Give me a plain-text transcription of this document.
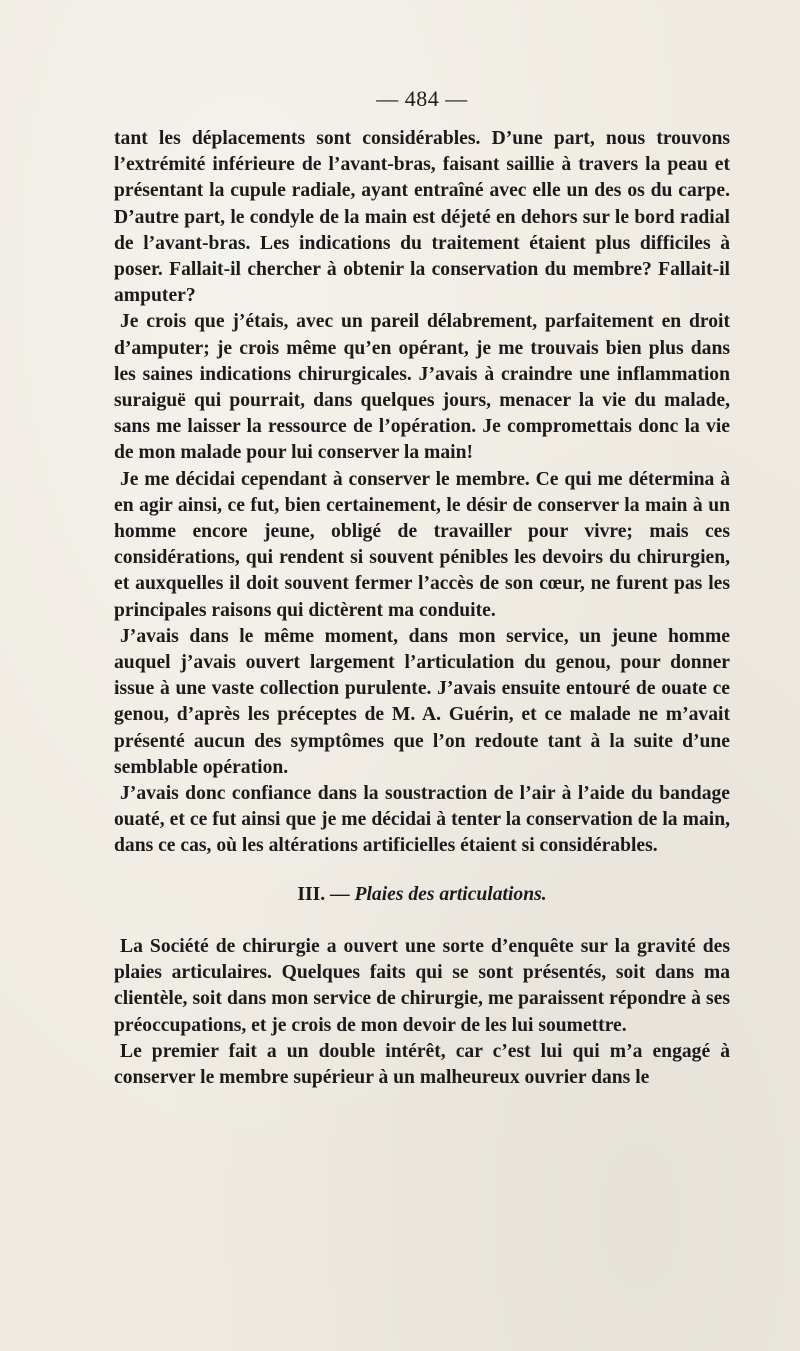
— 484 —

tant les déplacements sont considérables. D’une part, nous trouvons l’extrémité inférieure de l’avant-bras, faisant saillie à travers la peau et présentant la cupule radiale, ayant entraîné avec elle un des os du carpe. D’autre part, le condyle de la main est déjeté en dehors sur le bord radial de l’avant-bras. Les indications du traitement étaient plus difficiles à poser. Fallait-il chercher à obtenir la conservation du membre? Fallait-il amputer?

Je crois que j’étais, avec un pareil délabrement, parfaitement en droit d’amputer; je crois même qu’en opérant, je me trouvais bien plus dans les saines indications chirurgicales. J’avais à craindre une inflammation suraiguë qui pourrait, dans quelques jours, menacer la vie du malade, sans me laisser la ressource de l’opération. Je compromettais donc la vie de mon malade pour lui conserver la main!

Je me décidai cependant à conserver le membre. Ce qui me détermina à en agir ainsi, ce fut, bien certainement, le désir de conserver la main à un homme encore jeune, obligé de travailler pour vivre; mais ces considérations, qui rendent si souvent pénibles les devoirs du chirurgien, et auxquelles il doit souvent fermer l’accès de son cœur, ne furent pas les principales raisons qui dictèrent ma conduite.

J’avais dans le même moment, dans mon service, un jeune homme auquel j’avais ouvert largement l’articulation du genou, pour donner issue à une vaste collection purulente. J’avais ensuite entouré de ouate ce genou, d’après les préceptes de M. A. Guérin, et ce malade ne m’avait présenté aucun des symptômes que l’on redoute tant à la suite d’une semblable opération.

J’avais donc confiance dans la soustraction de l’air à l’aide du bandage ouaté, et ce fut ainsi que je me décidai à tenter la conservation de la main, dans ce cas, où les altérations artificielles étaient si considérables.

III. — Plaies des articulations.

La Société de chirurgie a ouvert une sorte d’enquête sur la gravité des plaies articulaires. Quelques faits qui se sont présentés, soit dans ma clientèle, soit dans mon service de chirurgie, me paraissent répondre à ses préoccupations, et je crois de mon devoir de les lui soumettre.

Le premier fait a un double intérêt, car c’est lui qui m’a engagé à conserver le membre supérieur à un malheureux ouvrier dans le
